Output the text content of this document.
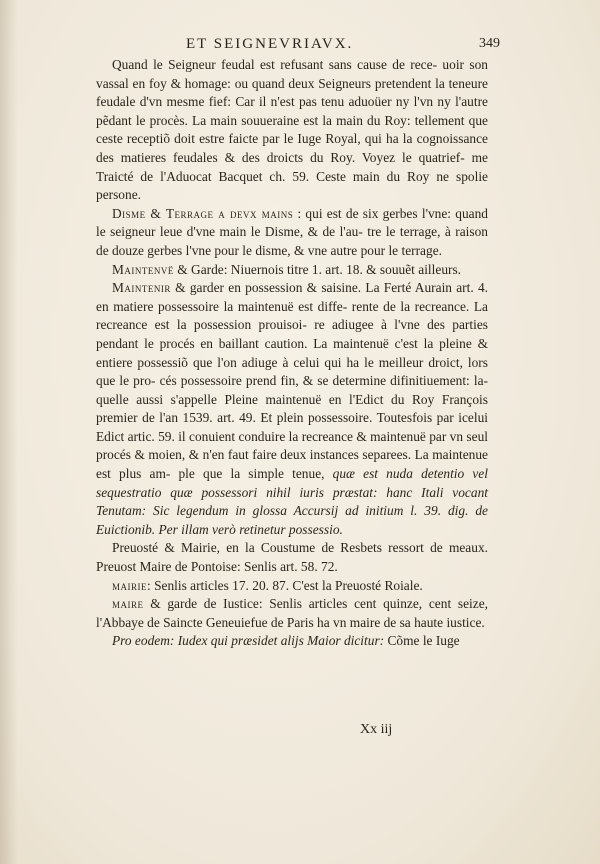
ET SEIGNEVRIAVX.	349

Quand le Seigneur feudal est refusant sans cause de rece- uoir son vassal en foy & homage: ou quand deux Seigneurs pretendent la teneure feudale d'vn mesme fief: Car il n'est pas tenu aduoüer ny l'vn ny l'autre pẽdant le procès. La main souueraine est la main du Roy: tellement que ceste receptiõ doit estre faicte par le Iuge Royal, qui ha la cognoissance des matieres feudales & des droicts du Roy. Voyez le quatrief- me Traicté de l'Aduocat Bacquet ch. 59. Ceste main du Roy ne spolie persone.

Disme & Terrage a devx mains : qui est de six gerbes l'vne: quand le seigneur leue d'vne main le Disme, & de l'au- tre le terrage, à raison de douze gerbes l'vne pour le disme, & vne autre pour le terrage.

Maintenvë & Garde: Niuernois titre 1. art. 18. & souuẽt ailleurs.

Maintenir & garder en possession & saisine. La Ferté Aurain art. 4. en matiere possessoire la maintenuë est diffe- rente de la recreance. La recreance est la possession prouisoi- re adiugee à l'vne des parties pendant le procés en baillant caution. La maintenuë c'est la pleine & entiere possessiõ que l'on adiuge à celui qui ha le meilleur droict, lors que le pro- cés possessoire prend fin, & se determine difinitiuement: la- quelle aussi s'appelle Pleine maintenuë en l'Edict du Roy François premier de l'an 1539. art. 49. Et plein possessoire. Toutesfois par icelui Edict artic. 59. il conuient conduire la recreance & maintenuë par vn seul procés & moien, & n'en faut faire deux instances separees. La maintenue est plus am- ple que la simple tenue, quæ est nuda detentio vel sequestratio quæ possessori nihil iuris præstat: hanc Itali vocant Tenutam: Sic legendum in glossa Accursij ad initium l. 39. dig. de Euictionib. Per illam verò retinetur possessio.

Preuosté & Mairie, en la Coustume de Resbets ressort de meaux. Preuost Maire de Pontoise: Senlis art. 58. 72.

mairie: Senlis articles 17. 20. 87. C'est la Preuosté Roiale.

maire & garde de Iustice: Senlis articles cent quinze, cent seize, l'Abbaye de Saincte Geneuiefue de Paris ha vn maire de sa haute iustice.

Pro eodem: Iudex qui præsidet alijs Maior dicitur: Cõme le Iuge

Xx iij
